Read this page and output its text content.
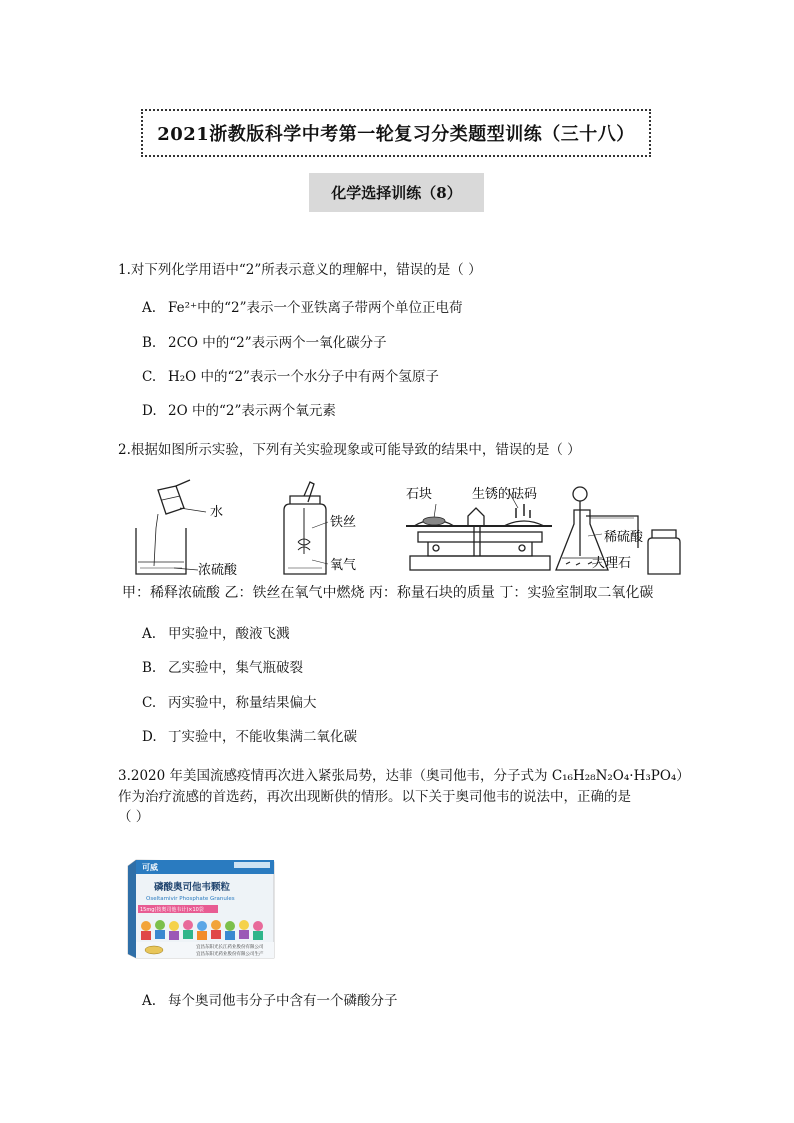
2021浙教版科学中考第一轮复习分类题型训练（三十八）
化学选择训练（8）
1.对下列化学用语中“2”所表示意义的理解中，错误的是（ ）
A. Fe²⁺中的“2”表示一个亚铁离子带两个单位正电荷
B. 2CO 中的“2”表示两个一氧化碳分子
C. H₂O 中的“2”表示一个水分子中有两个氢原子
D. 2O 中的“2”表示两个氧元素
2.根据如图所示实验，下列有关实验现象或可能导致的结果中，错误的是（ ）
水
浓硫酸
铁丝
氧气
石块	生锈的砝码
稀硫酸
大理石
甲：稀释浓硫酸 乙：铁丝在氧气中燃烧 丙：称量石块的质量 丁：实验室制取二氧化碳
A. 甲实验中，酸液飞溅
B. 乙实验中，集气瓶破裂
C. 丙实验中，称量结果偏大
D. 丁实验中，不能收集满二氧化碳
3.2020 年美国流感疫情再次进入紧张局势，达菲（奥司他韦，分子式为 C₁₆H₂₈N₂O₄·H₃PO₄）
作为治疗流感的首选药，再次出现断供的情形。以下关于奥司他韦的说法中，正确的是
（ ）
可威
磷酸奥司他韦颗粒
Oseltamivir Phosphate Granules
15mg(按奥司他韦计)×10袋
宜昌东阳光长江药业股份有限公司
宜昌东阳光药业股份有限公司生产
A. 每个奥司他韦分子中含有一个磷酸分子
